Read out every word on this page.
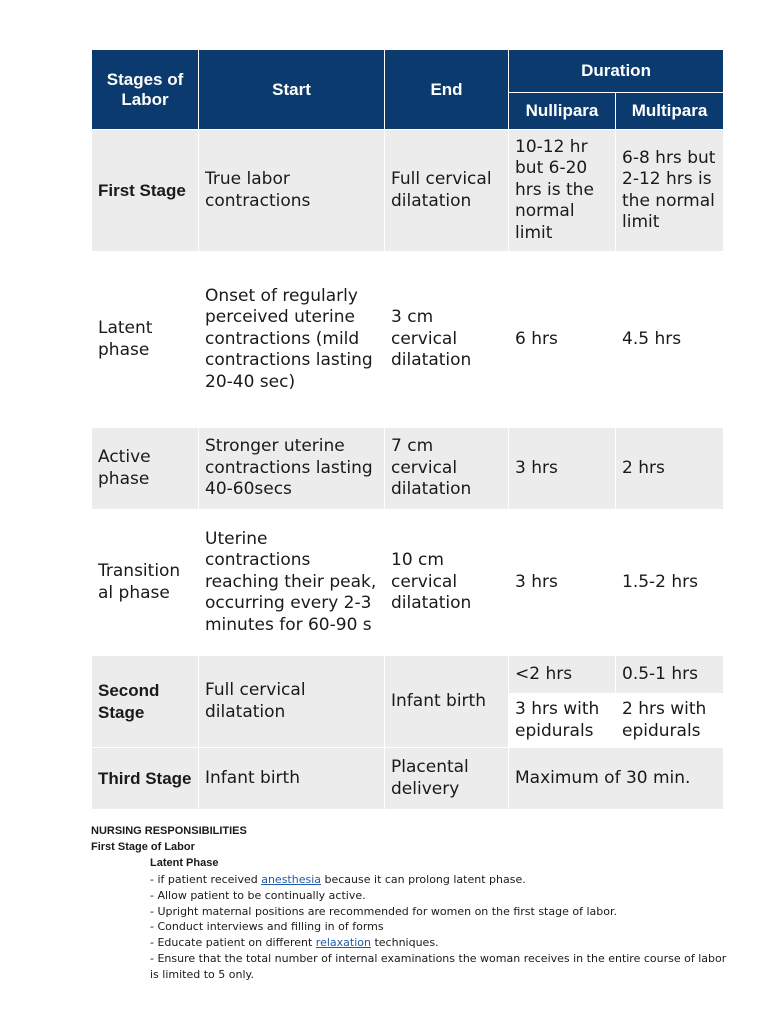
Stages of Labor	Start	End	Duration	
			Nullipara	Multipara
First Stage	True labor contractions	Full cervical dilatation	10-12 hr but 6-20 hrs is the normal limit	6-8 hrs but 2-12 hrs is the normal limit
Latent phase	Onset of regularly perceived uterine contractions (mild contractions lasting 20-40 sec)	3 cm cervical dilatation	6 hrs	4.5 hrs
Active phase	Stronger uterine contractions lasting 40-60secs	7 cm cervical dilatation	3 hrs	2 hrs
Transition al phase	Uterine contractions reaching their peak, occurring every 2-3 minutes for 60-90 s	10 cm cervical dilatation	3 hrs	1.5-2 hrs
Second Stage	Full cervical dilatation	Infant birth	<2 hrs	0.5-1 hrs
			3 hrs with epidurals	2 hrs with epidurals
Third Stage	Infant birth	Placental delivery	Maximum of 30 min.	
NURSING RESPONSIBILITIES
First Stage of Labor
Latent Phase
- if patient received anesthesia because it can prolong latent phase.
- Allow patient to be continually active.
- Upright maternal positions are recommended for women on the first stage of labor.
- Conduct interviews and filling in of forms
- Educate patient on different relaxation techniques.
- Ensure that the total number of internal examinations the woman receives in the entire course of labor is limited to 5 only.
